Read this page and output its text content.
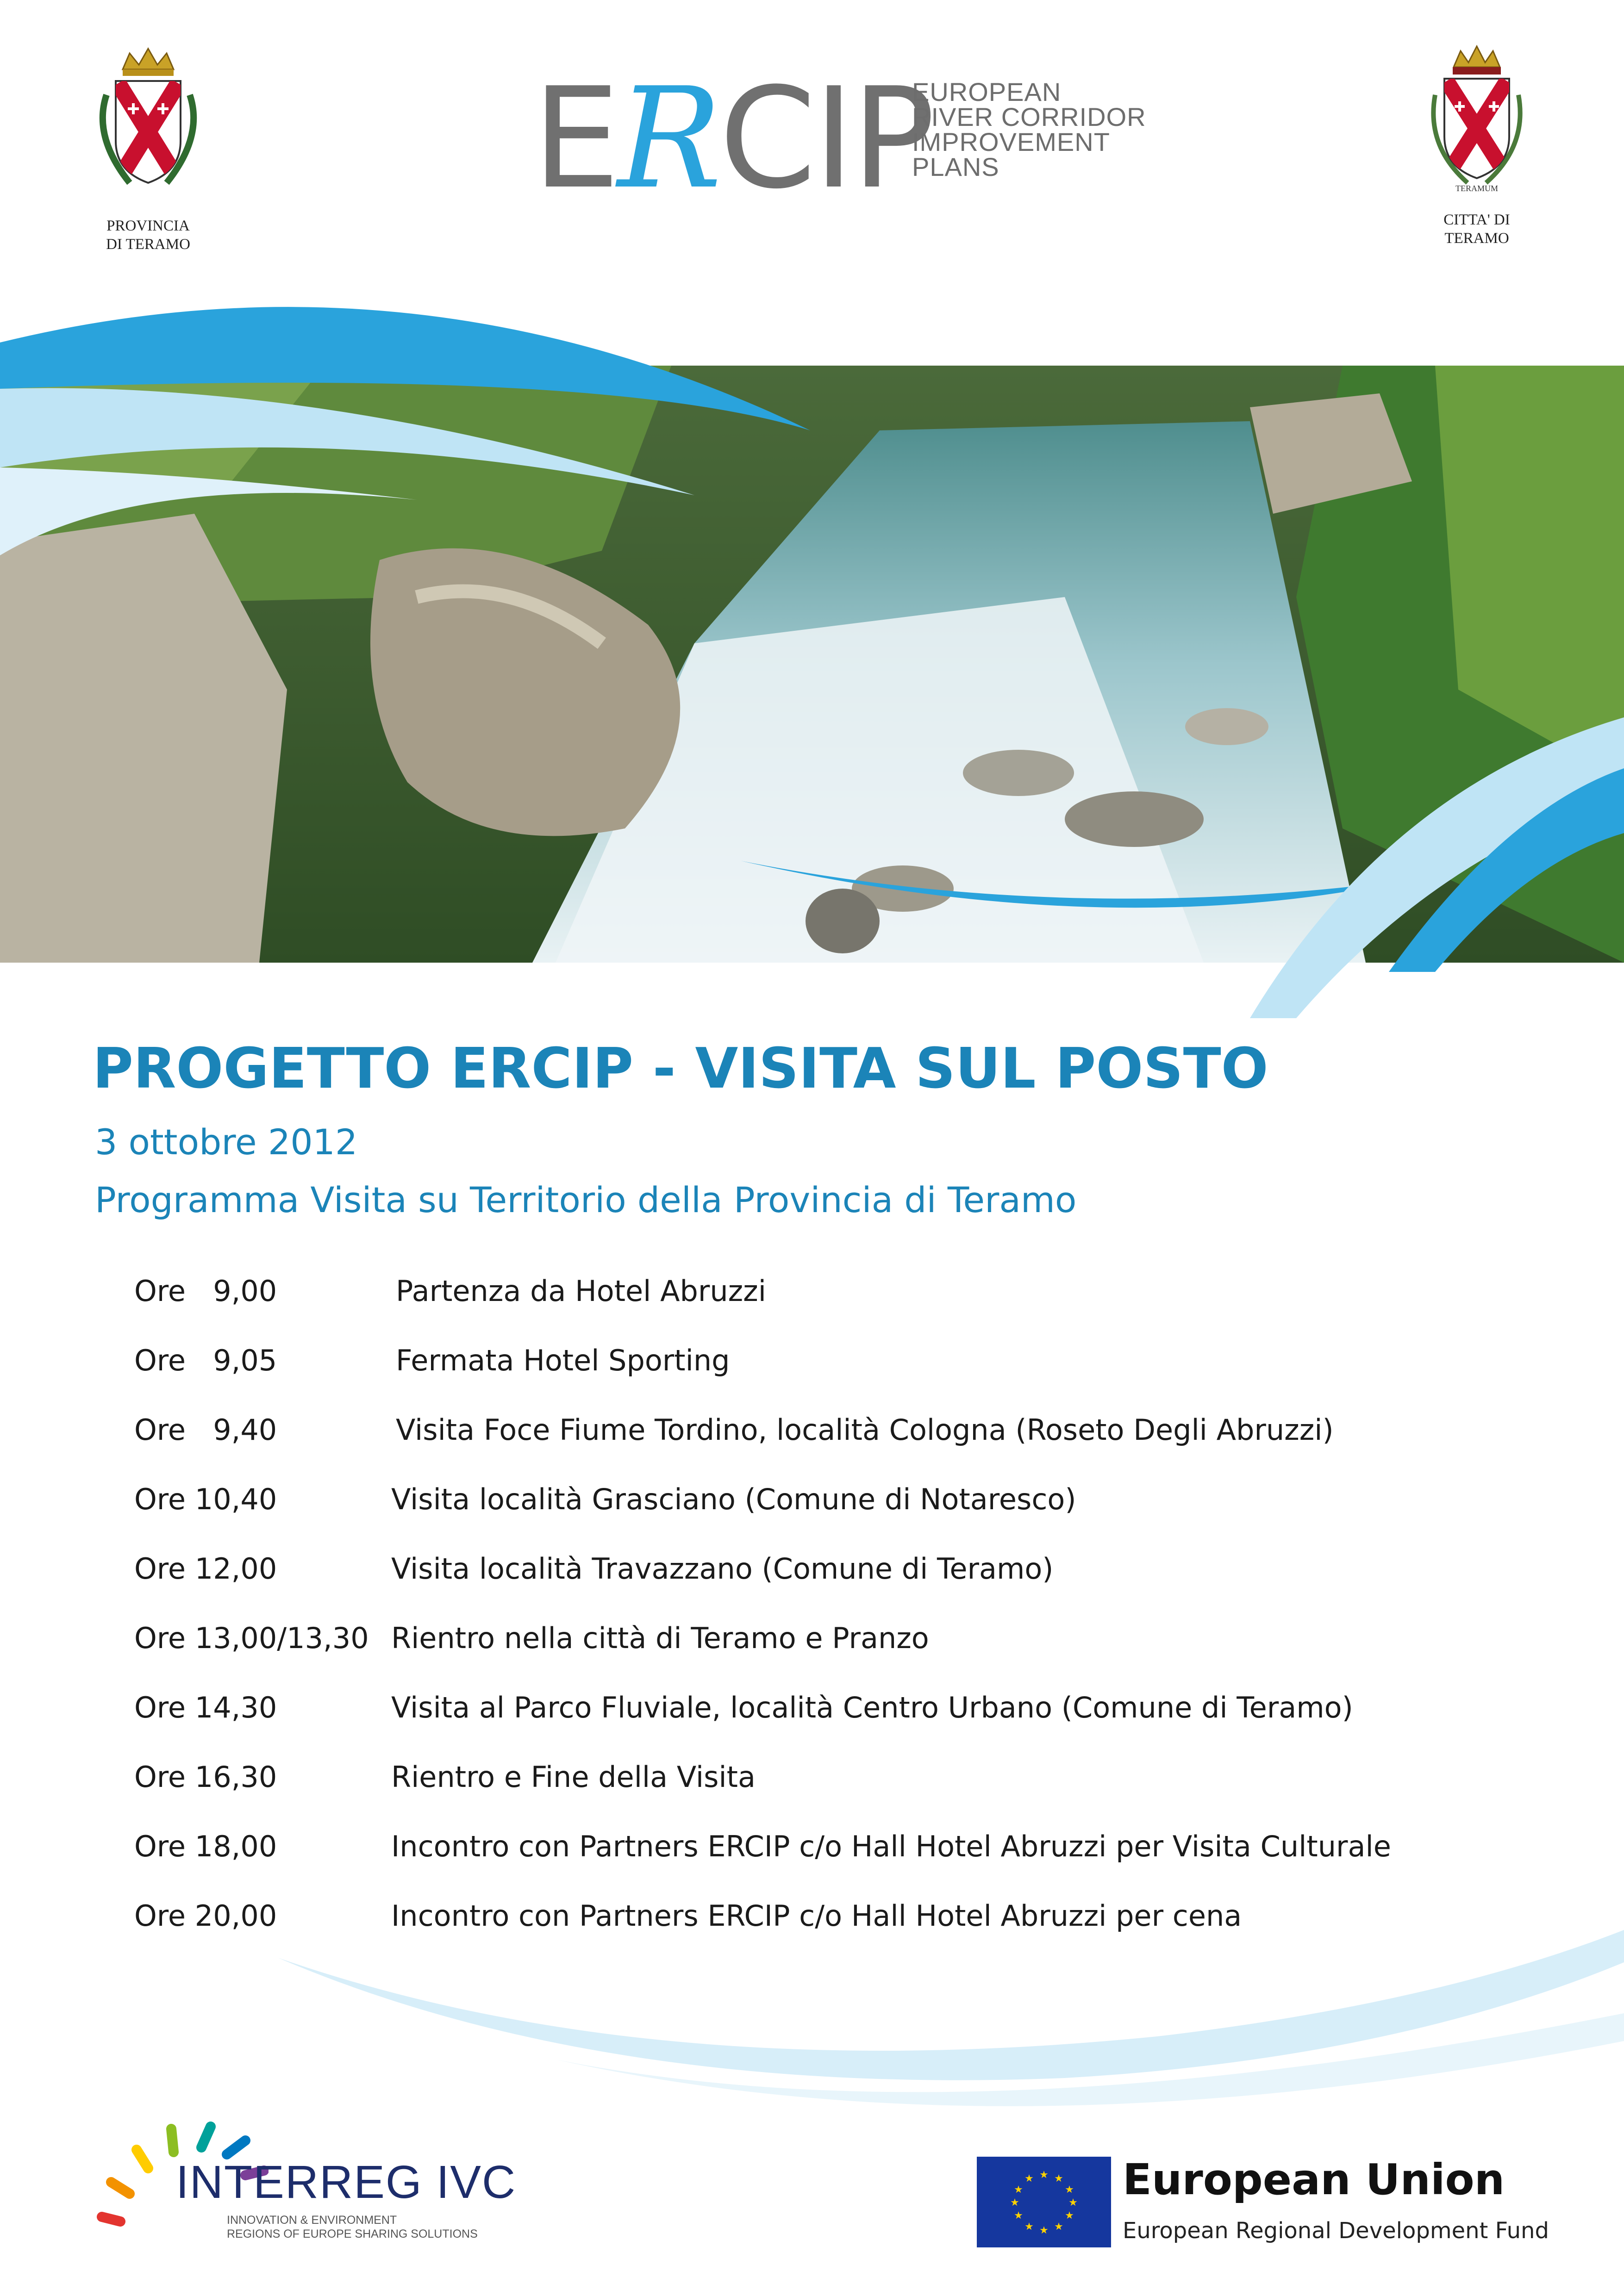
PROVINCIA
DI TERAMO
ERCIP
EUROPEAN
RIVER CORRIDOR
IMPROVEMENT
PLANS
TERAMUM
CITTA' DI
TERAMO
PROGETTO ERCIP - VISITA SUL POSTO
3 ottobre 2012
Programma Visita su Territorio della Provincia di Teramo
Ore   9,00	Partenza da Hotel Abruzzi
Ore   9,05	Fermata Hotel Sporting
Ore   9,40	Visita Foce Fiume Tordino, località Cologna (Roseto Degli Abruzzi)
Ore 10,40	Visita località Grasciano (Comune di Notaresco)
Ore 12,00	Visita località Travazzano (Comune di Teramo)
Ore 13,00/13,30 Rientro nella città di Teramo e Pranzo
Ore 14,30	Visita al Parco Fluviale, località Centro Urbano (Comune di Teramo)
Ore 16,30	Rientro e Fine della Visita
Ore 18,00	Incontro con Partners ERCIP c/o Hall Hotel Abruzzi per Visita Culturale
Ore 20,00	Incontro con Partners ERCIP c/o Hall Hotel Abruzzi per cena
INTERREG IVC
INNOVATION & ENVIRONMENT
REGIONS OF EUROPE SHARING SOLUTIONS
★ ★
★
★
★
★
★
★
★
★
★
★ European Union
European Regional Development Fund
